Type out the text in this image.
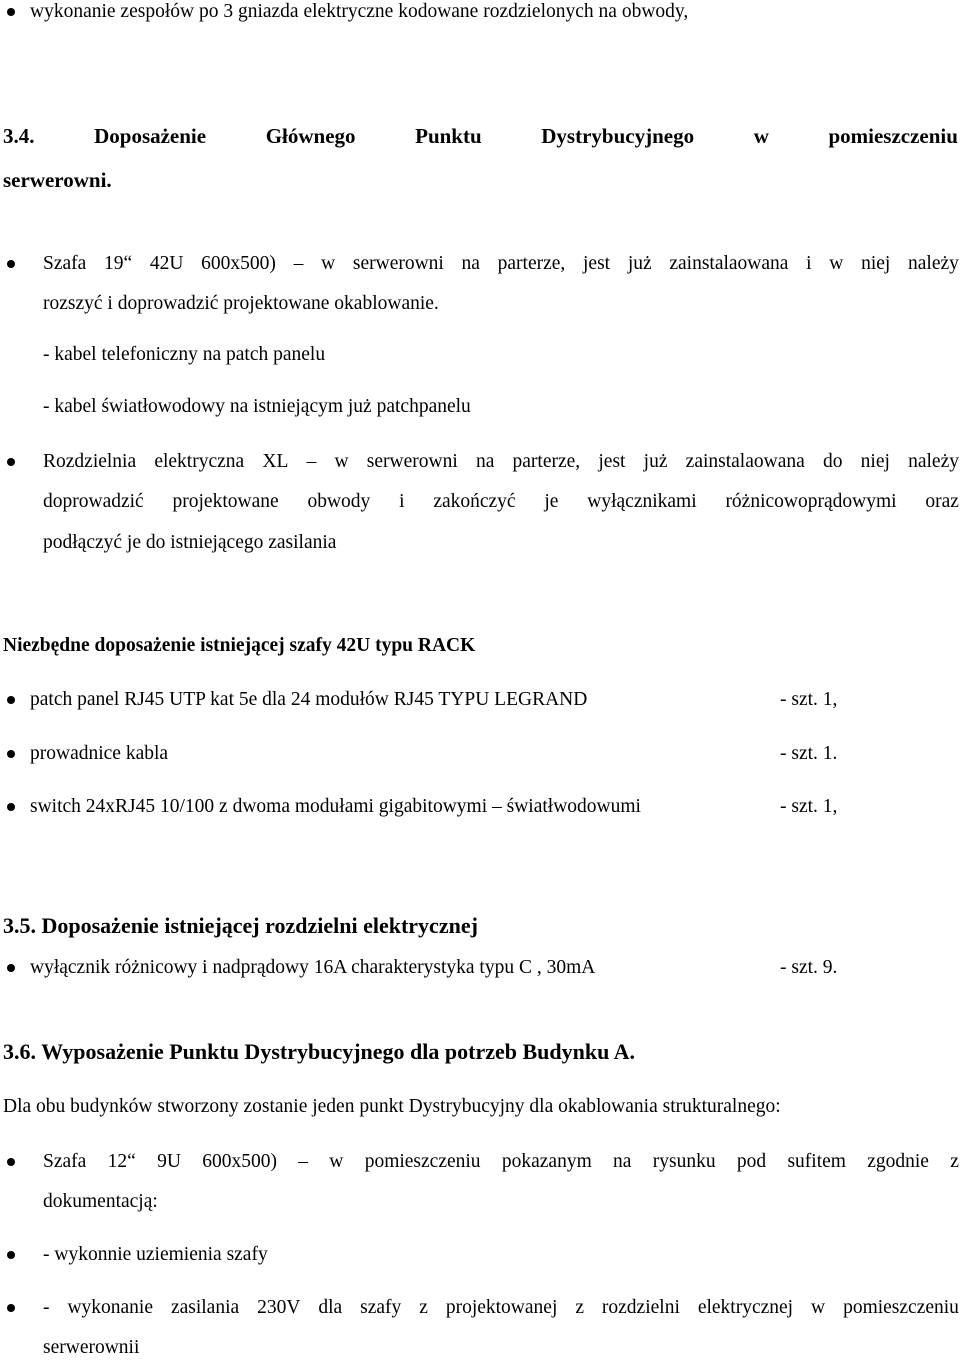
wykonanie zespołów po 3 gniazda elektryczne kodowane rozdzielonych na obwody,
3.4.	Doposażenie	Głównego	Punktu	Dystrybucyjnego	w	pomieszczeniu
serwerowni.
Szafa 19“ 42U 600x500) – w serwerowni na parterze, jest już zainstalaowana i w niej należy
rozszyć i doprowadzić projektowane okablowanie.
- kabel telefoniczny na patch panelu
- kabel światłowodowy na istniejącym już patchpanelu
Rozdzielnia elektryczna XL – w serwerowni na parterze, jest już zainstalaowana do niej należy
doprowadzić projektowane obwody i zakończyć je wyłącznikami różnicowoprądowymi oraz
podłączyć je do istniejącego zasilania
Niezbędne doposażenie istniejącej szafy 42U typu RACK
patch panel RJ45 UTP kat 5e dla 24 modułów RJ45 TYPU LEGRAND	- szt. 1,
prowadnice kabla	- szt. 1.
switch 24xRJ45 10/100 z dwoma modułami gigabitowymi – światłwodowumi	- szt. 1,
3.5. Doposażenie istniejącej rozdzielni elektrycznej
wyłącznik różnicowy i nadprądowy 16A charakterystyka typu C , 30mA	- szt. 9.
3.6. Wyposażenie Punktu Dystrybucyjnego dla potrzeb Budynku A.
Dla obu budynków stworzony zostanie jeden punkt Dystrybucyjny dla okablowania strukturalnego:
Szafa 12“ 9U 600x500) – w pomieszczeniu pokazanym na rysunku pod sufitem zgodnie z
dokumentacją:
- wykonnie uziemienia szafy
- wykonanie zasilania 230V dla szafy z projektowanej z rozdzielni elektrycznej w pomieszczeniu
serwerownii
